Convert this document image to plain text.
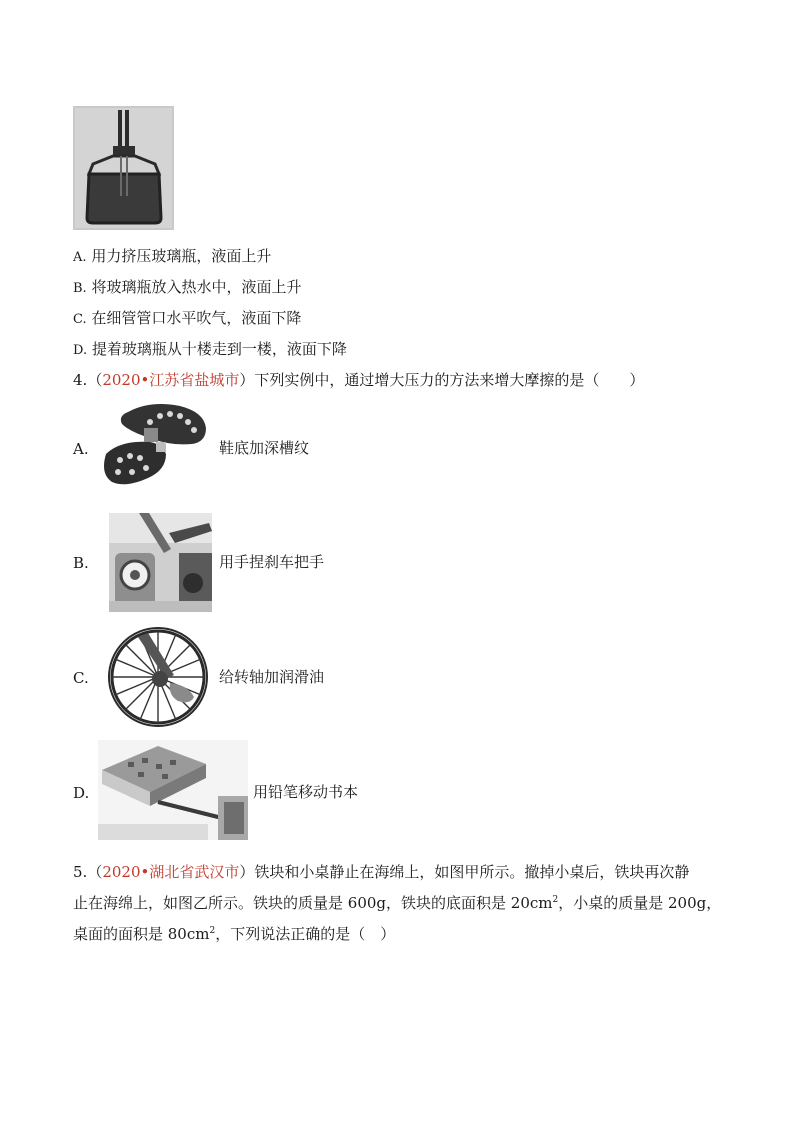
A. 用力挤压玻璃瓶，液面上升
B. 将玻璃瓶放入热水中，液面上升
C. 在细管管口水平吹气，液面下降
D. 提着玻璃瓶从十楼走到一楼，液面下降
4.（2020•江苏省盐城市）下列实例中，通过增大压力的方法来增大摩擦的是（　　）
A.	鞋底加深槽纹
B.	用手捏刹车把手
C.	给转轴加润滑油
D.	用铅笔移动书本
5.（2020•湖北省武汉市）铁块和小桌静止在海绵上，如图甲所示。撤掉小桌后，铁块再次静
止在海绵上，如图乙所示。铁块的质量是 600g，铁块的底面积是 $20cm^2$，小桌的质量是 200g，
桌面的面积是 $80cm^2$，下列说法正确的是（　）
